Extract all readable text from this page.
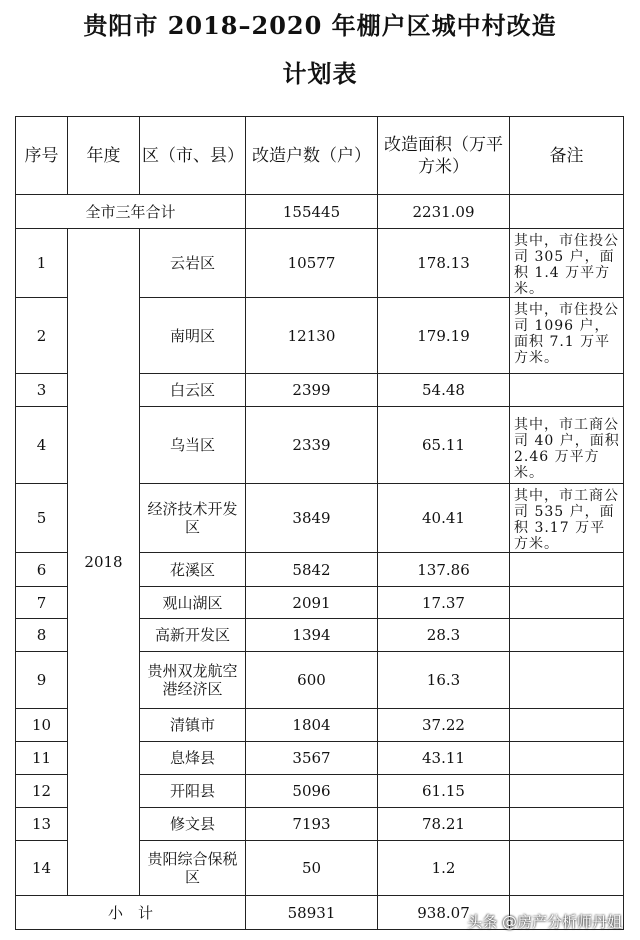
贵阳市 2018–2020 年棚户区城中村改造
计划表
序号	年度	区（市、县）	改造户数（户）	改造面积（万平方米）	备注
全市三年合计			155445	2231.09	
1	2018	云岩区	10577	178.13	其中，市住投公司 305 户，面积 1.4 万平方米。
2		南明区	12130	179.19	其中，市住投公司 1096 户，面积 7.1 万平方米。
3		白云区	2399	54.48	
4		乌当区	2339	65.11	其中，市工商公司 40 户，面积 2.46 万平方米。
5		经济技术开发区	3849	40.41	其中，市工商公司 535 户，面积 3.17 万平方米。
6		花溪区	5842	137.86	
7		观山湖区	2091	17.37	
8		高新开发区	1394	28.3	
9		贵州双龙航空港经济区	600	16.3	
10		清镇市	1804	37.22	
11		息烽县	3567	43.11	
12		开阳县	5096	61.15	
13		修文县	7193	78.21	
14		贵阳综合保税区	50	1.2	
小　计			58931	938.07	
头条 @房产分析师丹姐
